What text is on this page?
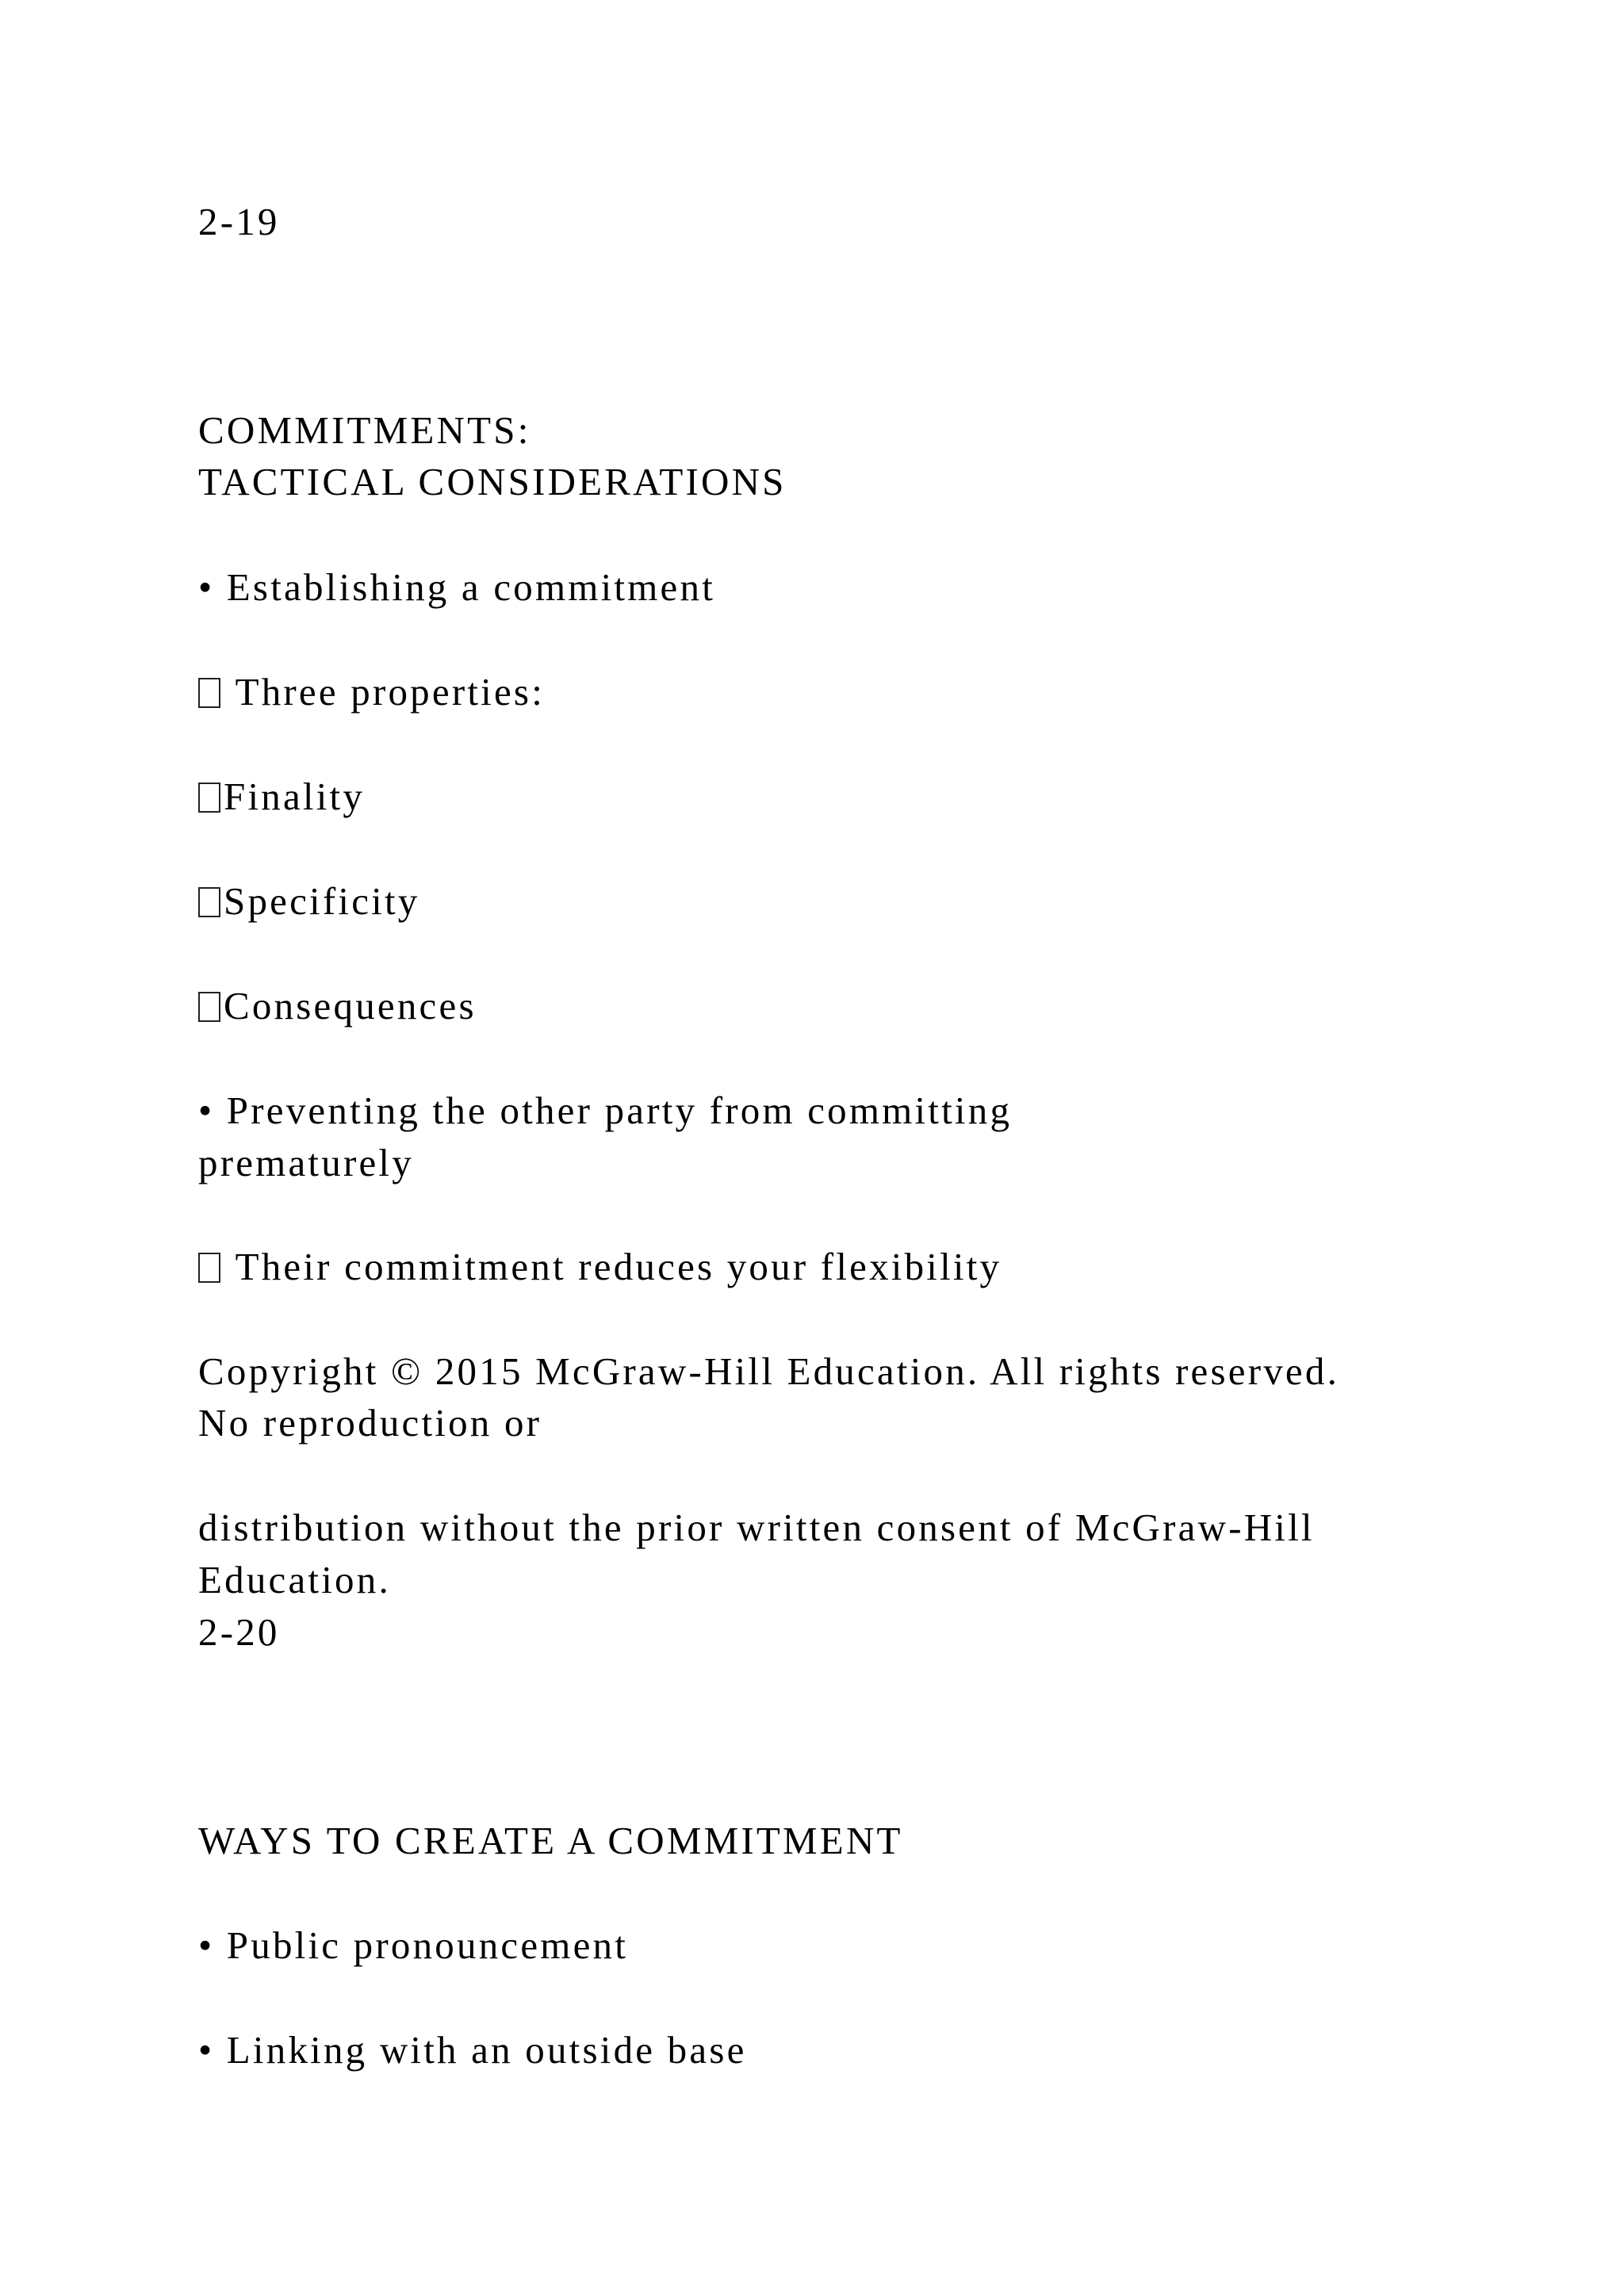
2-19
COMMITMENTS:
TACTICAL CONSIDERATIONS
• Establishing a commitment
Three properties:
Finality
Specificity
Consequences
• Preventing the other party from committing
prematurely
Their commitment reduces your flexibility
Copyright © 2015 McGraw-Hill Education. All rights reserved.
No reproduction or
distribution without the prior written consent of McGraw-Hill
Education.
2-20
WAYS TO CREATE A COMMITMENT
• Public pronouncement
• Linking with an outside base
